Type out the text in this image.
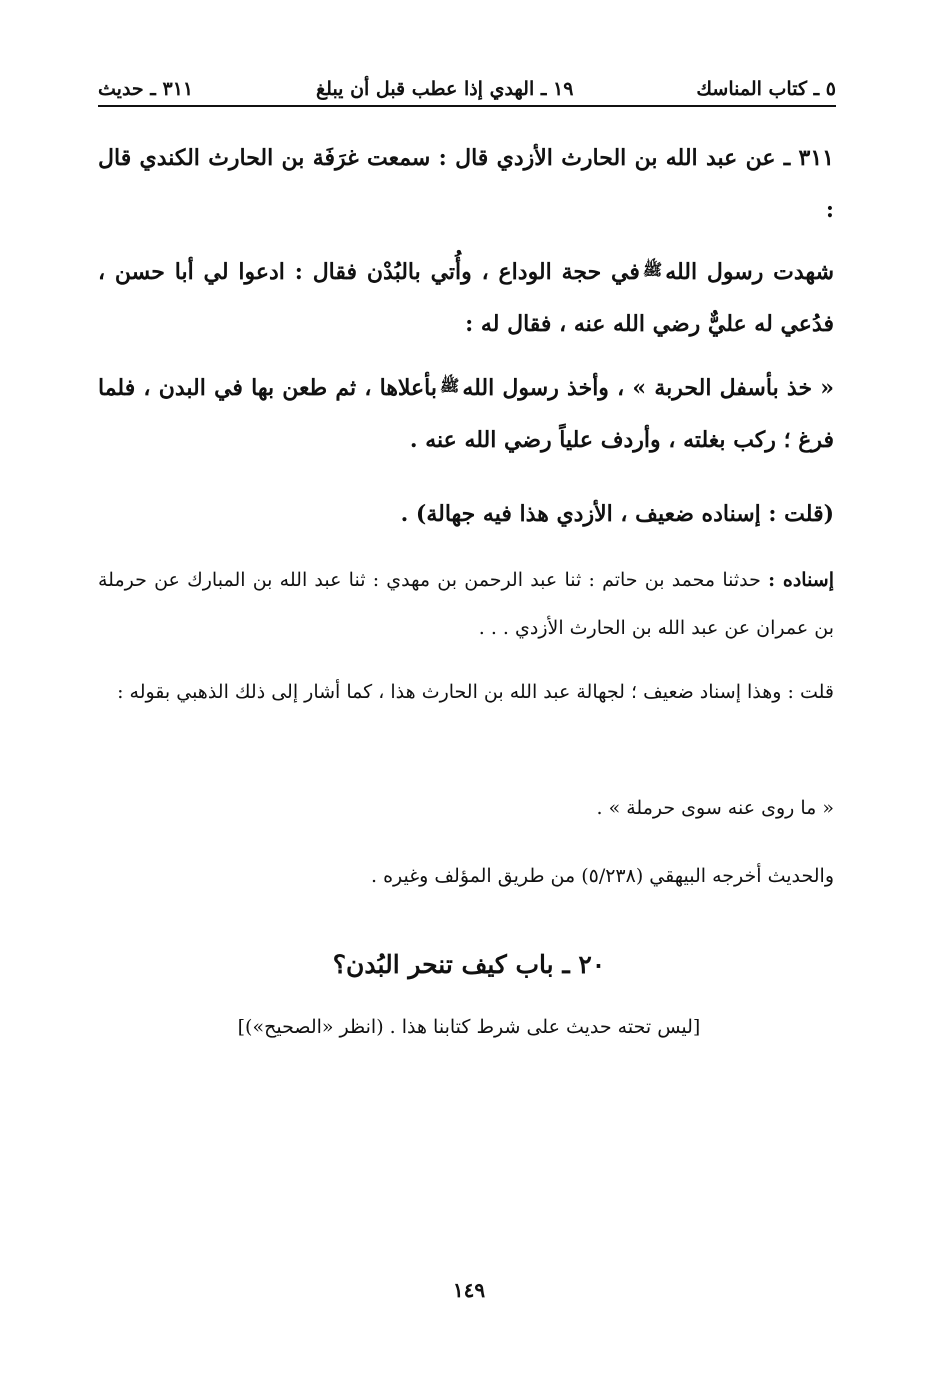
٥ ـ كتاب المناسك
١٩ ـ الهدي إذا عطب قبل أن يبلغ
٣١١ ـ حديث
٣١١ ـ عن عبد الله بن الحارث الأزدي قال : سمعت غرَفَة بن الحارث الكندي قال :
شهدت رسول اللهﷺفي حجة الوداع ، وأُتي بالبُدْن فقال : ادعوا لي أبا حسن ، فدُعي له عليٌّ رضي الله عنه ، فقال له :
« خذ بأسفل الحربة » ، وأخذ رسول اللهﷺبأعلاها ، ثم طعن بها في البدن ، فلما فرغ ؛ ركب بغلته ، وأردف علياً رضي الله عنه .
(قلت : إسناده ضعيف ، الأزدي هذا فيه جهالة) .
إسناده : حدثنا محمد بن حاتم : ثنا عبد الرحمن بن مهدي : ثنا عبد الله بن المبارك عن حرملة بن عمران عن عبد الله بن الحارث الأزدي . . .
قلت : وهذا إسناد ضعيف ؛ لجهالة عبد الله بن الحارث هذا ، كما أشار إلى ذلك الذهبي بقوله :
« ما روى عنه سوى حرملة » .
والحديث أخرجه البيهقي (٥/٢٣٨) من طريق المؤلف وغيره .
٢٠ ـ باب كيف تنحر البُدن؟
[ليس تحته حديث على شرط كتابنا هذا . (انظر «الصحيح»)]
١٤٩
